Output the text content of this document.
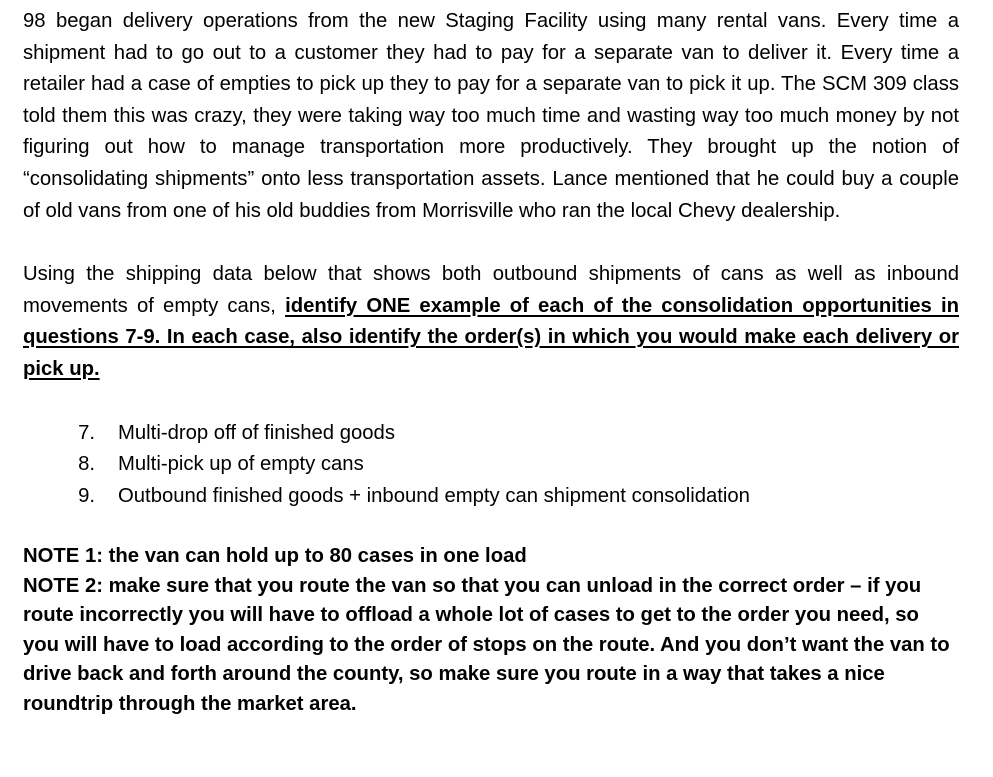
98 began delivery operations from the new Staging Facility using many rental vans. Every time a shipment had to go out to a customer they had to pay for a separate van to deliver it. Every time a retailer had a case of empties to pick up they to pay for a separate van to pick it up. The SCM 309 class told them this was crazy, they were taking way too much time and wasting way too much money by not figuring out how to manage transportation more productively. They brought up the notion of “consolidating shipments” onto less transportation assets. Lance mentioned that he could buy a couple of old vans from one of his old buddies from Morrisville who ran the local Chevy dealership.

Using the shipping data below that shows both outbound shipments of cans as well as inbound movements of empty cans, identify ONE example of each of the consolidation opportunities in questions 7-9. In each case, also identify the order(s) in which you would make each delivery or pick up.

7. Multi-drop off of finished goods
8. Multi-pick up of empty cans
9. Outbound finished goods + inbound empty can shipment consolidation

NOTE 1: the van can hold up to 80 cases in one load

NOTE 2: make sure that you route the van so that you can unload in the correct order – if you route incorrectly you will have to offload a whole lot of cases to get to the order you need, so you will have to load according to the order of stops on the route. And you don’t want the van to drive back and forth around the county, so make sure you route in a way that takes a nice roundtrip through the market area.
